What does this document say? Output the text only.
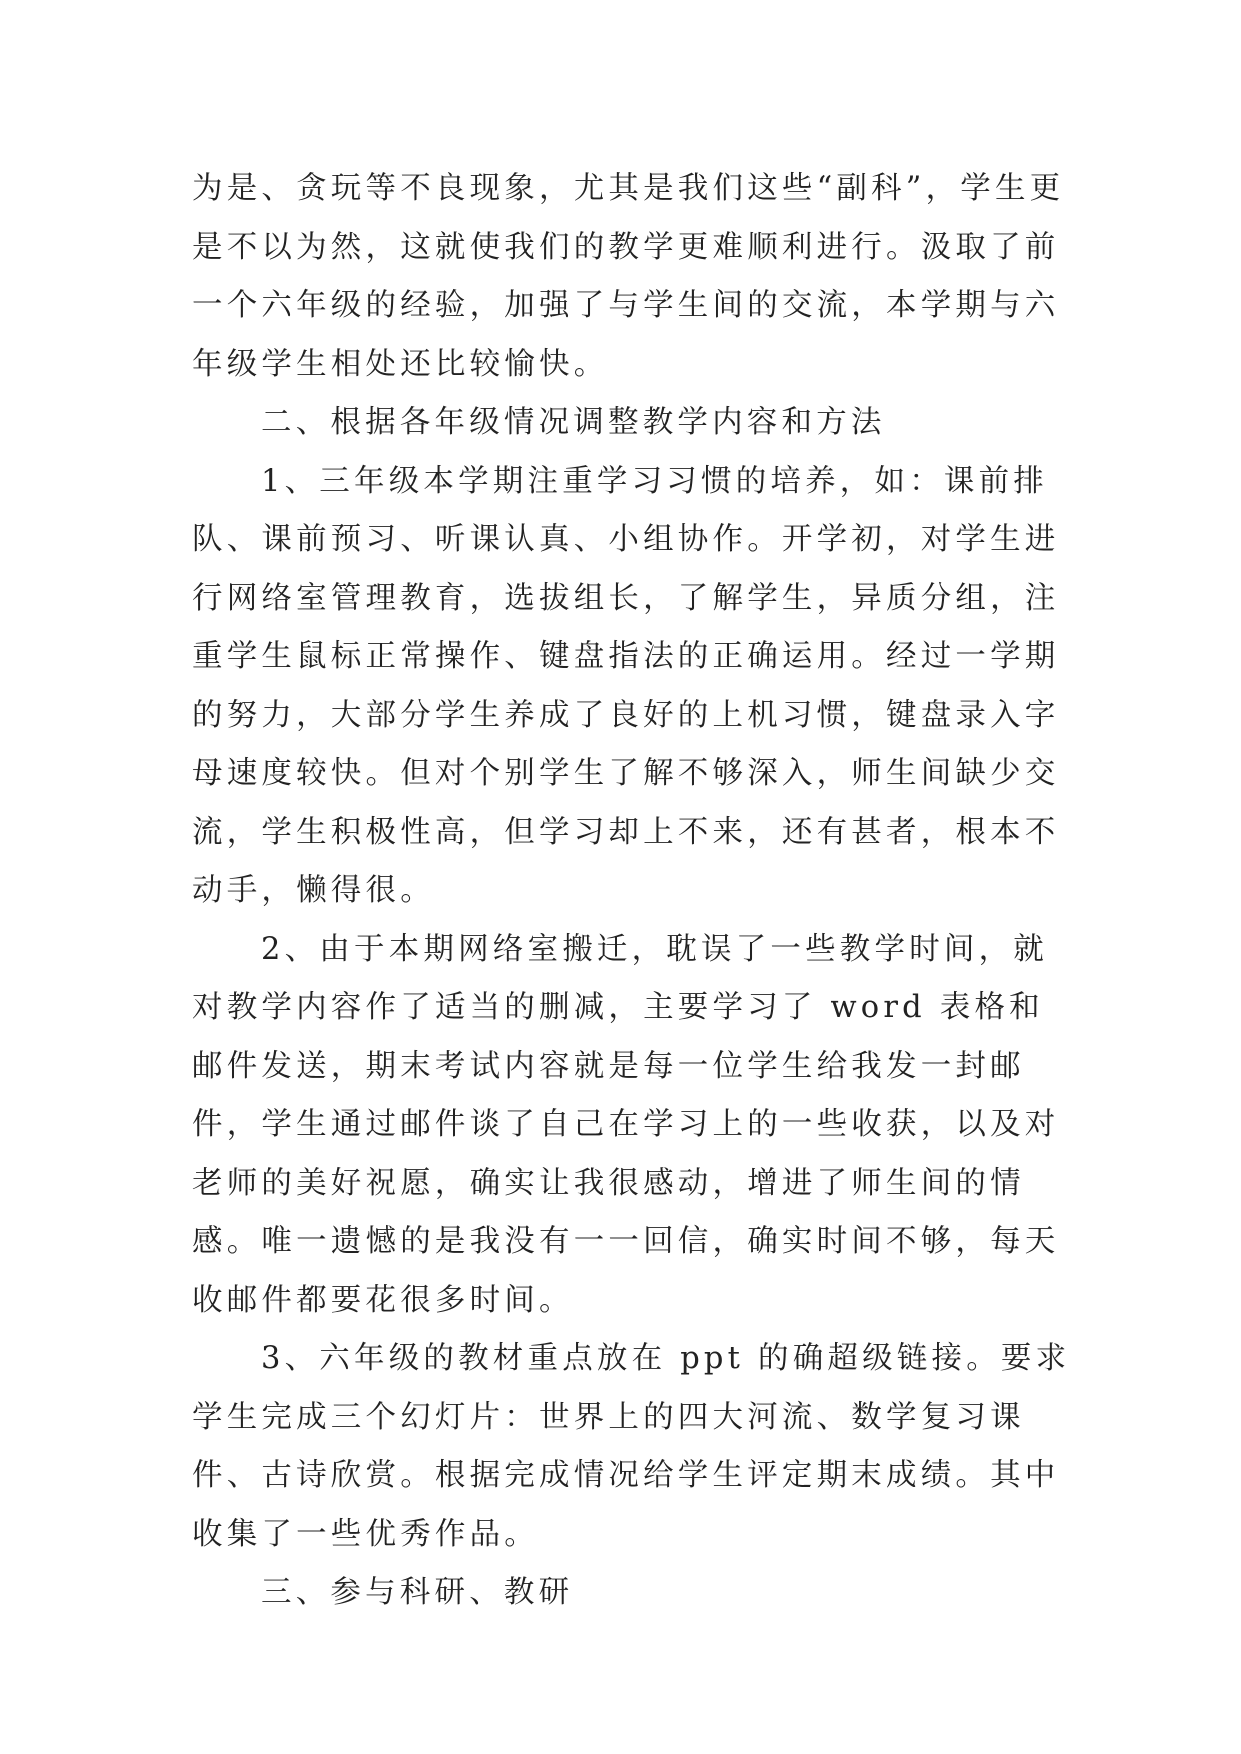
为是、贪玩等不良现象，尤其是我们这些“副科”，学生更是不以为然，这就使我们的教学更难顺利进行。汲取了前一个六年级的经验，加强了与学生间的交流，本学期与六年级学生相处还比较愉快。

二、根据各年级情况调整教学内容和方法

1、三年级本学期注重学习习惯的培养，如：课前排队、课前预习、听课认真、小组协作。开学初，对学生进行网络室管理教育，选拔组长，了解学生，异质分组，注重学生鼠标正常操作、键盘指法的正确运用。经过一学期的努力，大部分学生养成了良好的上机习惯，键盘录入字母速度较快。但对个别学生了解不够深入，师生间缺少交流，学生积极性高，但学习却上不来，还有甚者，根本不动手，懒得很。

2、由于本期网络室搬迁，耽误了一些教学时间，就对教学内容作了适当的删减，主要学习了 word 表格和邮件发送，期末考试内容就是每一位学生给我发一封邮件，学生通过邮件谈了自己在学习上的一些收获，以及对老师的美好祝愿，确实让我很感动，增进了师生间的情感。唯一遗憾的是我没有一一回信，确实时间不够，每天收邮件都要花很多时间。

3、六年级的教材重点放在 ppt 的确超级链接。要求学生完成三个幻灯片：世界上的四大河流、数学复习课件、古诗欣赏。根据完成情况给学生评定期末成绩。其中收集了一些优秀作品。

三、参与科研、教研
